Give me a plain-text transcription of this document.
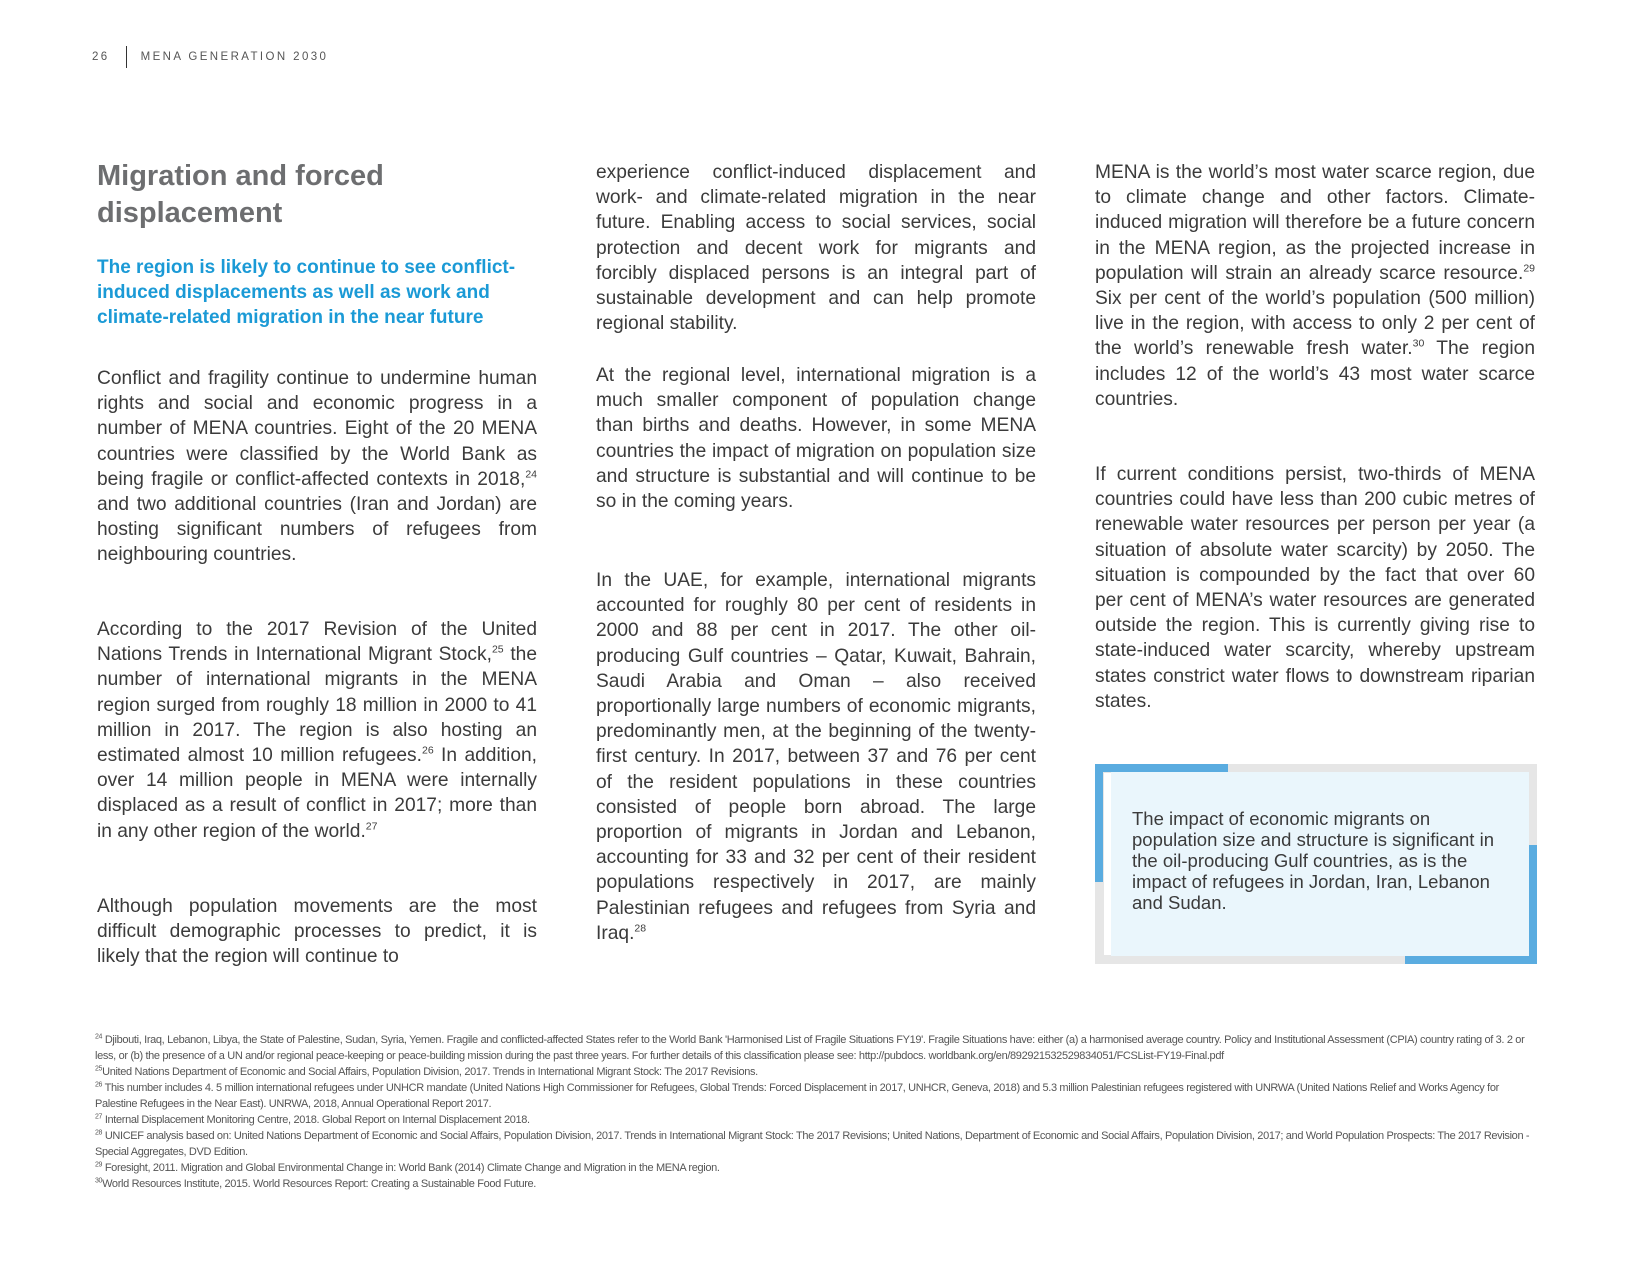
26	MENA GENERATION 2030
Migration and forced displacement
The region is likely to continue to see conflict-induced displacements as well as work and climate-related migration in the near future

Conflict and fragility continue to undermine human rights and social and economic progress in a number of MENA countries. Eight of the 20 MENA countries were classified by the World Bank as being fragile or conflict-affected contexts in 2018,24 and two additional countries (Iran and Jordan) are hosting significant numbers of refugees from neighbouring countries.

According to the 2017 Revision of the United Nations Trends in International Migrant Stock,$^{25}$ the number of international migrants in the MENA region surged from roughly 18 million in 2000 to 41 million in 2017. The region is also hosting an estimated almost 10 million refugees.$^{26}$ In addition, over 14 million people in MENA were internally displaced as a result of conflict in 2017; more than in any other region of the world.$^{27}$

Although population movements are the most difficult demographic processes to predict, it is likely that the region will continue to

experience conflict-induced displacement and work- and climate-related migration in the near future. Enabling access to social services, social protection and decent work for migrants and forcibly displaced persons is an integral part of sustainable development and can help promote regional stability.

At the regional level, international migration is a much smaller component of population change than births and deaths. However, in some MENA countries the impact of migration on population size and structure is substantial and will continue to be so in the coming years.

In the UAE, for example, international migrants accounted for roughly 80 per cent of residents in 2000 and 88 per cent in 2017. The other oil-producing Gulf countries – Qatar, Kuwait, Bahrain, Saudi Arabia and Oman – also received proportionally large numbers of economic migrants, predominantly men, at the beginning of the twenty-first century. In 2017, between 37 and 76 per cent of the resident populations in these countries consisted of people born abroad. The large proportion of migrants in Jordan and Lebanon, accounting for 33 and 32 per cent of their resident populations respectively in 2017, are mainly Palestinian refugees and refugees from Syria and Iraq.$^{28}$

MENA is the world’s most water scarce region, due to climate change and other factors. Climate-induced migration will therefore be a future concern in the MENA region, as the projected increase in population will strain an already scarce resource.$^{29}$ Six per cent of the world’s population (500 million) live in the region, with access to only 2 per cent of the world’s renewable fresh water.$^{30}$ The region includes 12 of the world’s 43 most water scarce countries.

If current conditions persist, two-thirds of MENA countries could have less than 200 cubic metres of renewable water resources per person per year (a situation of absolute water scarcity) by 2050. The situation is compounded by the fact that over 60 per cent of MENA’s water resources are generated outside the region. This is currently giving rise to state-induced water scarcity, whereby upstream states constrict water flows to downstream riparian states.

The impact of economic migrants on population size and structure is significant in the oil-producing Gulf countries, as is the impact of refugees in Jordan, Iran, Lebanon and Sudan.

$^{24}$ Djibouti, Iraq, Lebanon, Libya, the State of Palestine, Sudan, Syria, Yemen. Fragile and conflicted-affected States refer to the World Bank 'Harmonised List of Fragile Situations FY19'. Fragile Situations have: either (a) a harmonised average country. Policy and Institutional Assessment (CPIA) country rating of 3. 2 or less, or (b) the presence of a UN and/or regional peace-keeping or peace-building mission during the past three years. For further details of this classification please see: http://pubdocs. worldbank.org/en/892921532529834051/FCSList-FY19-Final.pdf
$^{25}$United Nations Department of Economic and Social Affairs, Population Division, 2017. Trends in International Migrant Stock: The 2017 Revisions.
$^{26}$ This number includes 4. 5 million international refugees under UNHCR mandate (United Nations High Commissioner for Refugees, Global Trends: Forced Displacement in 2017, UNHCR, Geneva, 2018) and 5.3 million Palestinian refugees registered with UNRWA (United Nations Relief and Works Agency for Palestine Refugees in the Near East). UNRWA, 2018, Annual Operational Report 2017.
$^{27}$ Internal Displacement Monitoring Centre, 2018. Global Report on Internal Displacement 2018.
$^{28}$ UNICEF analysis based on: United Nations Department of Economic and Social Affairs, Population Division, 2017. Trends in International Migrant Stock: The 2017 Revisions; United Nations, Department of Economic and Social Affairs, Population Division, 2017; and World Population Prospects: The 2017 Revision - Special Aggregates, DVD Edition.
$^{29}$ Foresight, 2011. Migration and Global Environmental Change in: World Bank (2014) Climate Change and Migration in the MENA region.
$^{30}$World Resources Institute, 2015. World Resources Report: Creating a Sustainable Food Future.
